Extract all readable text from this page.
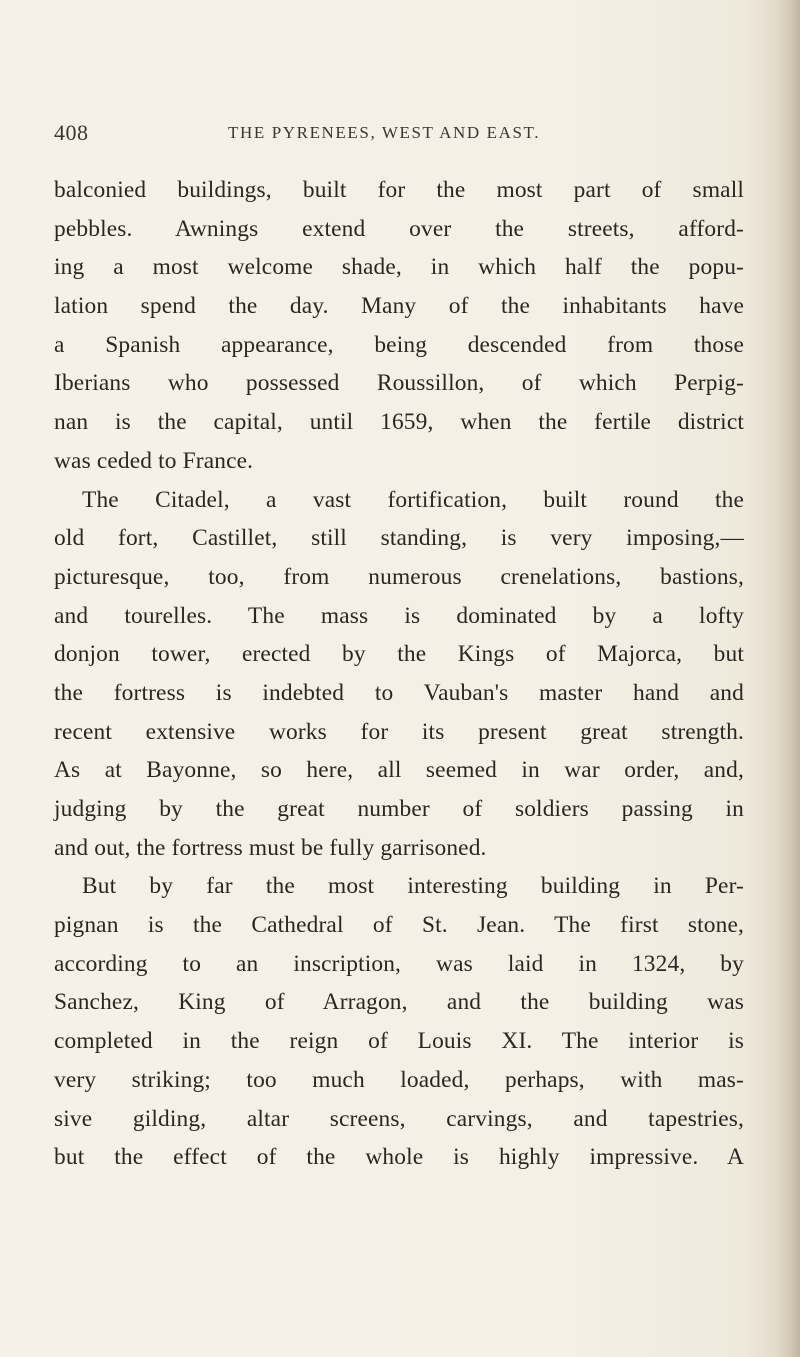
408	THE PYRENEES, WEST AND EAST.
balconied buildings, built for the most part of small
pebbles. Awnings extend over the streets, afford-
ing a most welcome shade, in which half the popu-
lation spend the day. Many of the inhabitants have
a Spanish appearance, being descended from those
Iberians who possessed Roussillon, of which Perpig-
nan is the capital, until 1659, when the fertile district
was ceded to France.
The Citadel, a vast fortification, built round the
old fort, Castillet, still standing, is very imposing,—
picturesque, too, from numerous crenelations, bastions,
and tourelles. The mass is dominated by a lofty
donjon tower, erected by the Kings of Majorca, but
the fortress is indebted to Vauban's master hand and
recent extensive works for its present great strength.
As at Bayonne, so here, all seemed in war order, and,
judging by the great number of soldiers passing in
and out, the fortress must be fully garrisoned.
But by far the most interesting building in Per-
pignan is the Cathedral of St. Jean. The first stone,
according to an inscription, was laid in 1324, by
Sanchez, King of Arragon, and the building was
completed in the reign of Louis XI. The interior is
very striking; too much loaded, perhaps, with mas-
sive gilding, altar screens, carvings, and tapestries,
but the effect of the whole is highly impressive. A
